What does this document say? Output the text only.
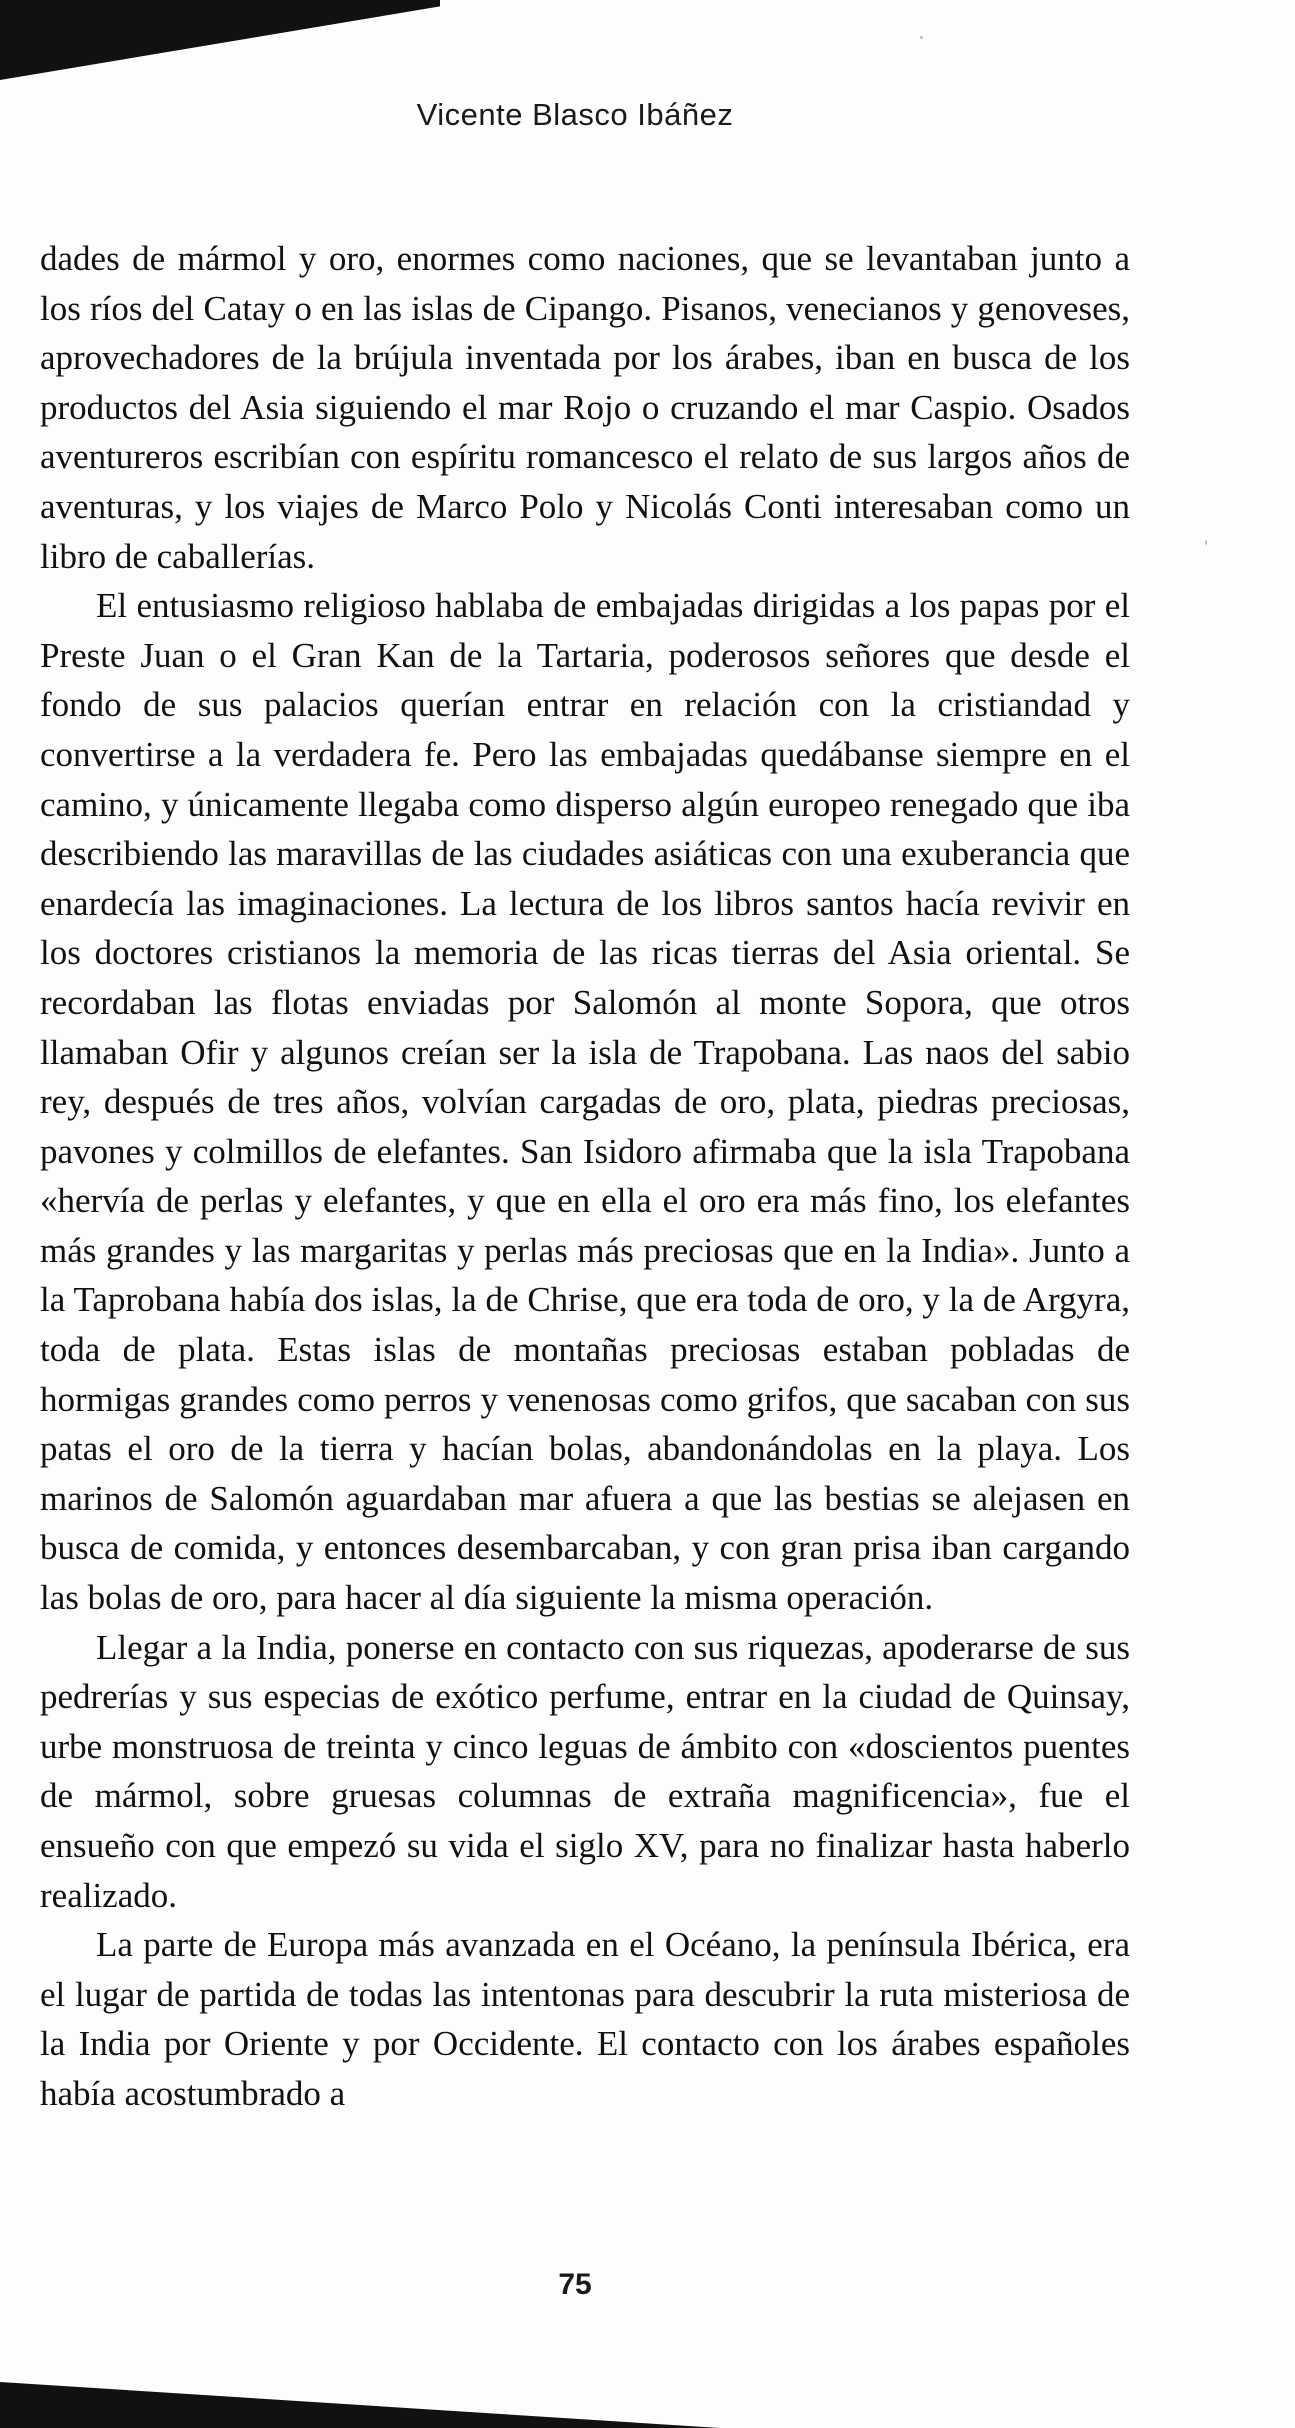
Vicente Blasco Ibáñez

dades de mármol y oro, enormes como naciones, que se levantaban junto a los ríos del Catay o en las islas de Cipango. Pisanos, venecianos y genoveses, aprovechadores de la brújula inventada por los árabes, iban en busca de los productos del Asia siguiendo el mar Rojo o cruzando el mar Caspio. Osados aventureros escribían con espíritu romancesco el relato de sus largos años de aventuras, y los viajes de Marco Polo y Nicolás Conti interesaban como un libro de caballerías.

El entusiasmo religioso hablaba de embajadas dirigidas a los papas por el Preste Juan o el Gran Kan de la Tartaria, poderosos señores que desde el fondo de sus palacios querían entrar en relación con la cristiandad y convertirse a la verdadera fe. Pero las embajadas quedábanse siempre en el camino, y únicamente llegaba como disperso algún europeo renegado que iba describiendo las maravillas de las ciudades asiáticas con una exuberancia que enardecía las imaginaciones. La lectura de los libros santos hacía revivir en los doctores cristianos la memoria de las ricas tierras del Asia oriental. Se recordaban las flotas enviadas por Salomón al monte Sopora, que otros llamaban Ofir y algunos creían ser la isla de Trapobana. Las naos del sabio rey, después de tres años, volvían cargadas de oro, plata, piedras preciosas, pavones y colmillos de elefantes. San Isidoro afirmaba que la isla Trapobana «hervía de perlas y elefantes, y que en ella el oro era más fino, los elefantes más grandes y las margaritas y perlas más preciosas que en la India». Junto a la Taprobana había dos islas, la de Chrise, que era toda de oro, y la de Argyra, toda de plata. Estas islas de montañas preciosas estaban pobladas de hormigas grandes como perros y venenosas como grifos, que sacaban con sus patas el oro de la tierra y hacían bolas, abandonándolas en la playa. Los marinos de Salomón aguardaban mar afuera a que las bestias se alejasen en busca de comida, y entonces desembarcaban, y con gran prisa iban cargando las bolas de oro, para hacer al día siguiente la misma operación.

Llegar a la India, ponerse en contacto con sus riquezas, apoderarse de sus pedrerías y sus especias de exótico perfume, entrar en la ciudad de Quinsay, urbe monstruosa de treinta y cinco leguas de ámbito con «doscientos puentes de mármol, sobre gruesas columnas de extraña magnificencia», fue el ensueño con que empezó su vida el siglo XV, para no finalizar hasta haberlo realizado.

La parte de Europa más avanzada en el Océano, la península Ibérica, era el lugar de partida de todas las intentonas para descubrir la ruta misteriosa de la India por Oriente y por Occidente. El contacto con los árabes españoles había acostumbrado a

75
